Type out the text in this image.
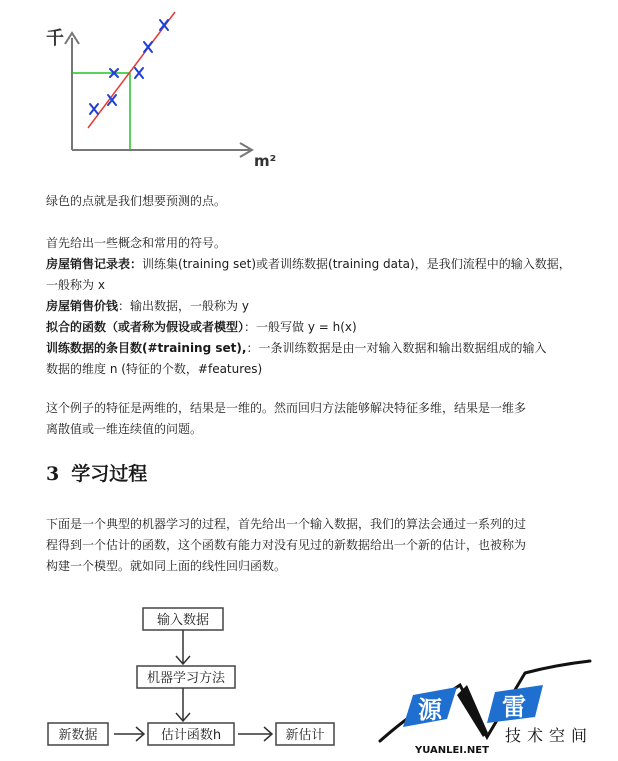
千
m²
绿色的点就是我们想要预测的点。
首先给出一些概念和常用的符号。
房屋销售记录表：训练集(training set)或者训练数据(training data)，是我们流程中的输入数据，
一般称为 x
房屋销售价钱：输出数据，一般称为 y
拟合的函数（或者称为假设或者模型）：一般写做 y = h(x)
训练数据的条目数(#training set),：一条训练数据是由一对输入数据和输出数据组成的输入
数据的维度 n (特征的个数，#features)
这个例子的特征是两维的，结果是一维的。然而回归方法能够解决特征多维，结果是一维多
离散值或一维连续值的问题。
3 学习过程
下面是一个典型的机器学习的过程，首先给出一个输入数据，我们的算法会通过一系列的过
程得到一个估计的函数，这个函数有能力对没有见过的新数据给出一个新的估计，也被称为
构建一个模型。就如同上面的线性回归函数。
输入数据
机器学习方法
新数据	估计函数h	新估计
源	雷
技术空间
YUANLEI.NET
